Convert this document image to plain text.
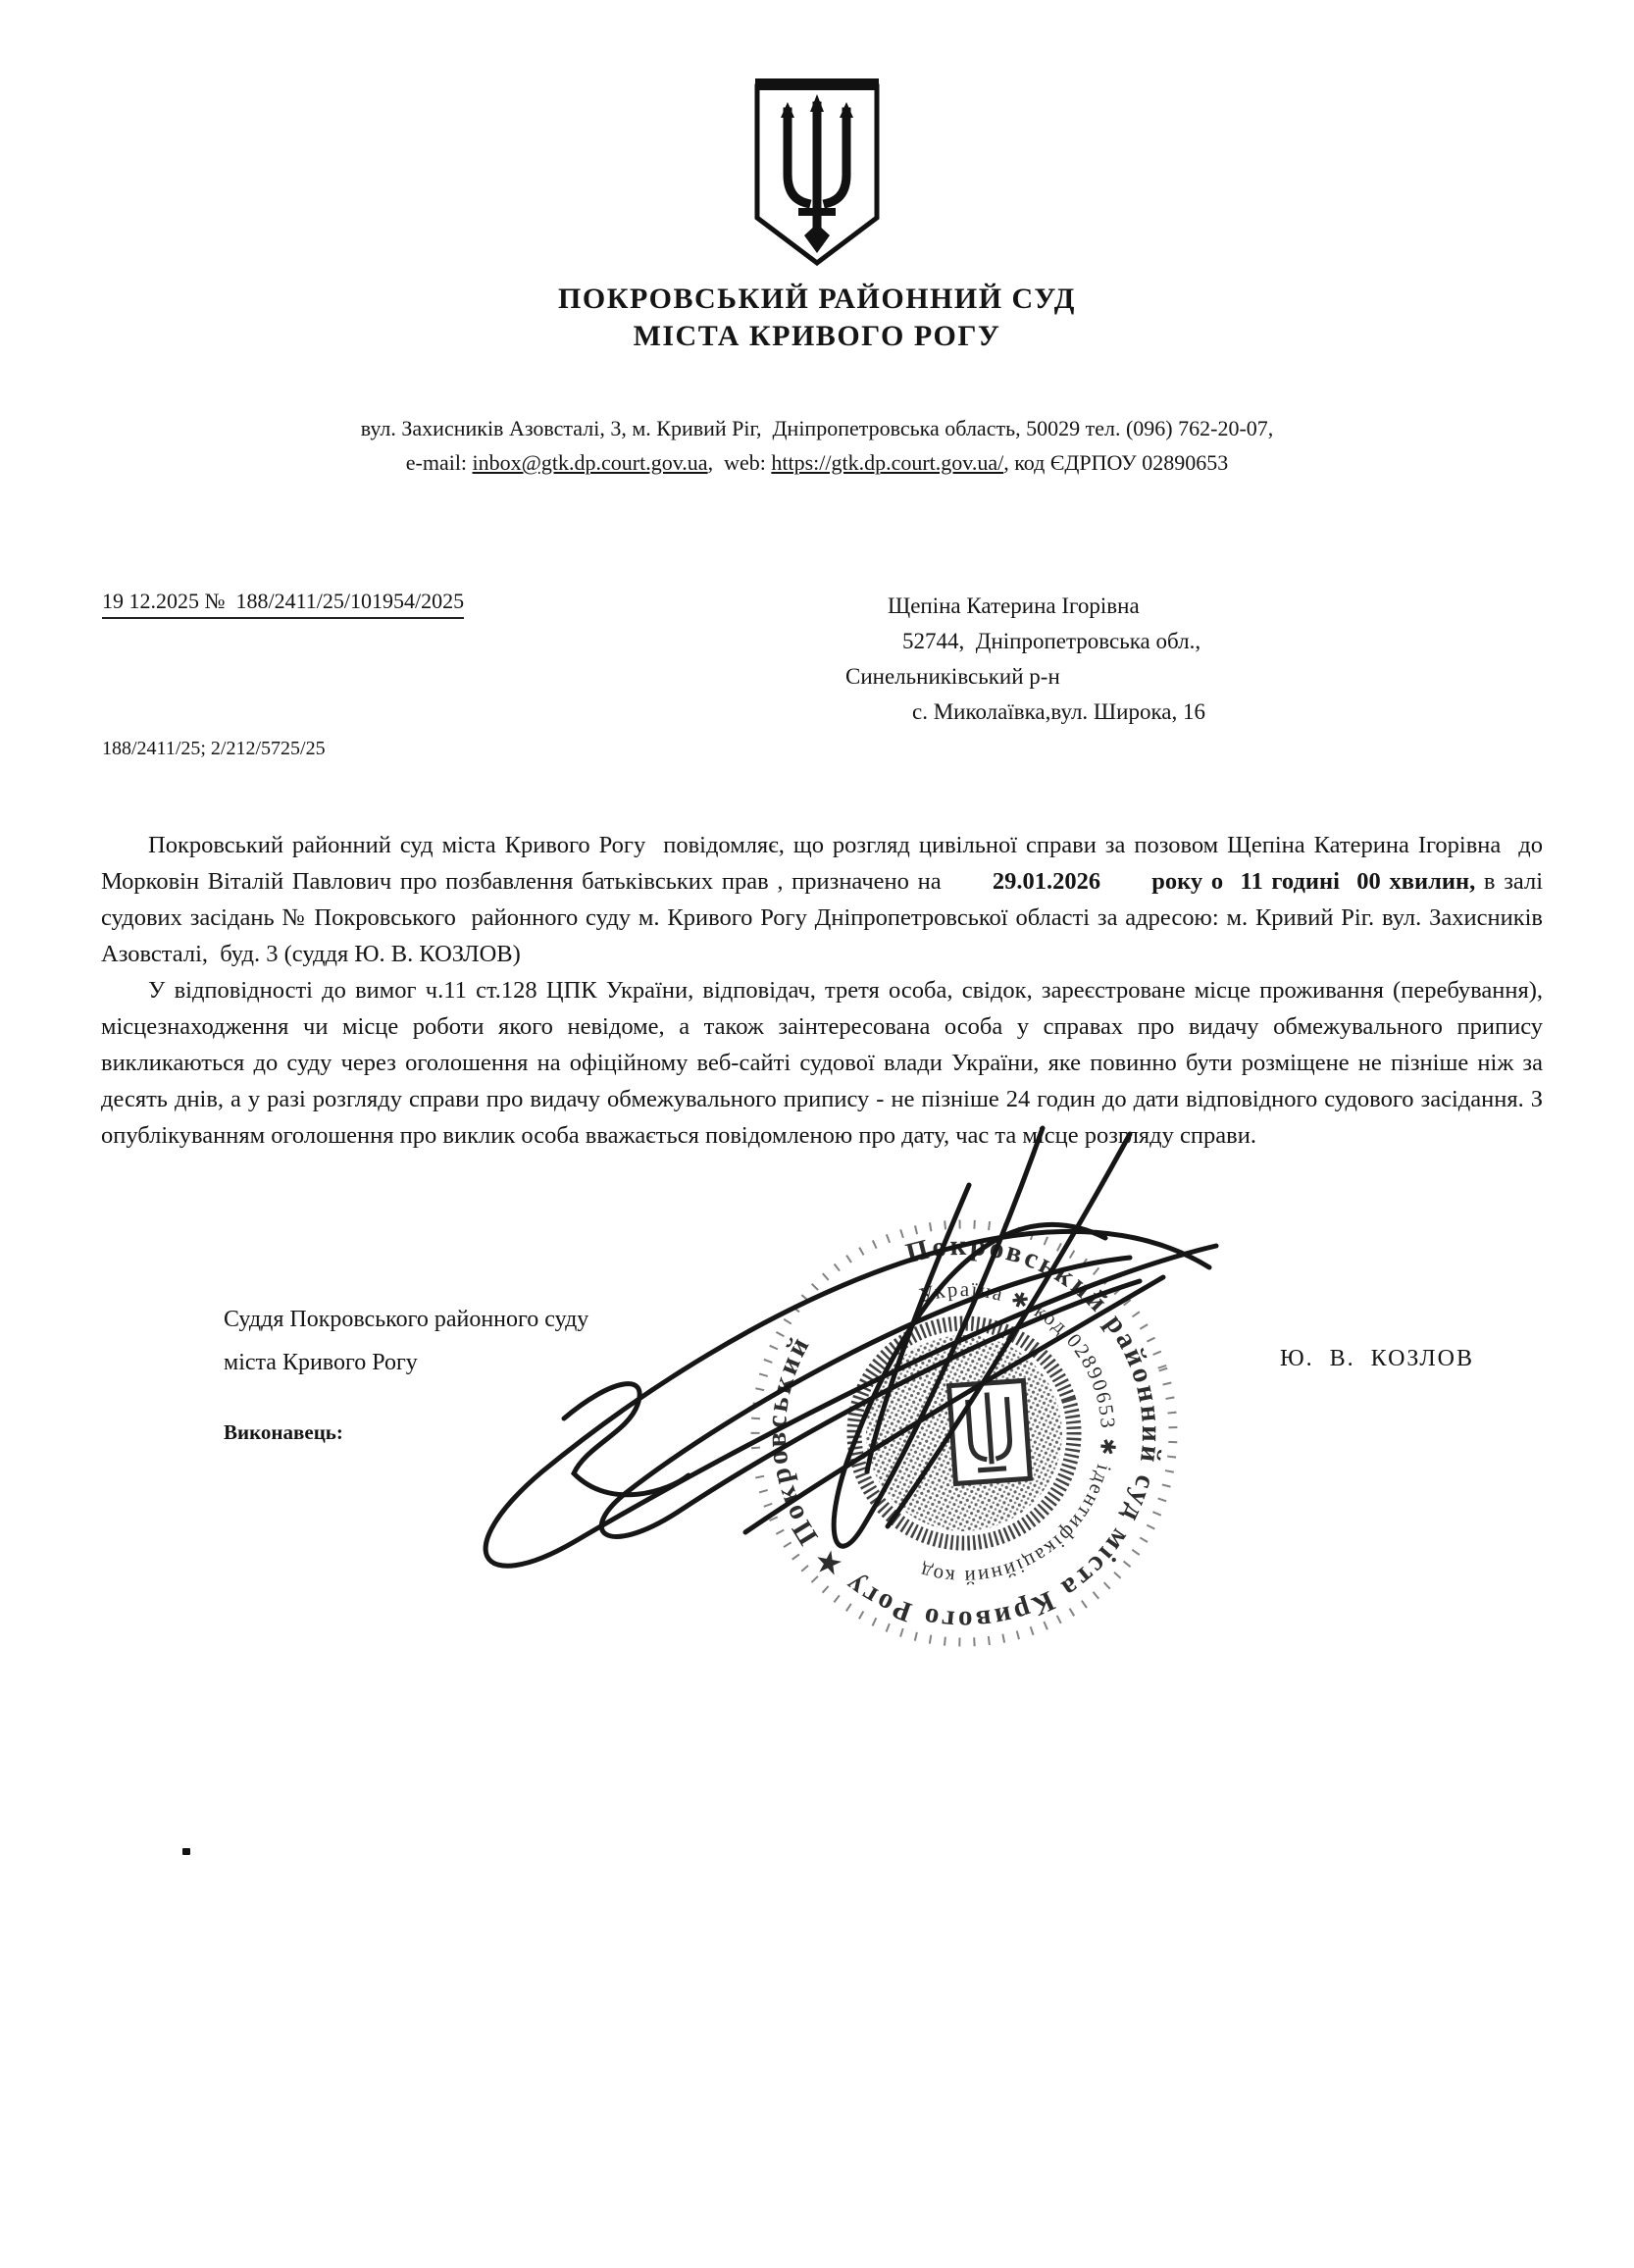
ПОКРОВСЬКИЙ РАЙОННИЙ СУД
МІСТА КРИВОГО РОГУ
вул. Захисників Азовсталі, 3, м. Кривий Ріг,  Дніпропетровська область, 50029 тел. (096) 762-20-07,
e-mail: inbox@gtk.dp.court.gov.ua,  web: https://gtk.dp.court.gov.ua/, код ЄДРПОУ 02890653
19 12.2025 №  188/2411/25/101954/2025	Щепіна Катерина Ігорівна
52744,  Дніпропетровська обл.,
Синельниківський р-н
с. Миколаївка,вул. Широка, 16
188/2411/25; 2/212/5725/25

Покровський районний суд міста Кривого Рогу  повідомляє, що розгляд цивільної справи за позовом Щепіна Катерина Ігорівна  до Морковін Віталій Павлович про позбавлення батьківських прав , призначено на      29.01.2026      року о  11 годині  00 хвилин, в залі судових засідань № Покровського  районного суду м. Кривого Рогу Дніпропетровської області за адресою: м. Кривий Ріг. вул. Захисників Азовсталі,  буд. 3 (суддя Ю. В. КОЗЛОВ)

У відповідності до вимог ч.11 ст.128 ЦПК України, відповідач, третя особа, свідок, зареєстроване місце проживання (перебування), місцезнаходження чи місце роботи якого невідоме, а також заінтересована особа у справах про видачу обмежувального припису викликаються до суду через оголошення на офіційному веб-сайті судової влади України, яке повинно бути розміщене не пізніше ніж за десять днів, а у разі розгляду справи про видачу обмежувального припису - не пізніше 24 годин до дати відповідного судового засідання. З опублікуванням оголошення про виклик особа вважається повідомленою про дату, час та місце розгляду справи.

Суддя Покровського районного суду
міста Кривого Рогу	Ю.  В.  КОЗЛОВ
Виконавець:
Покровський районний суд міста Кривого Рогу ★ Покровський
Україна ✱ код 02890653 ✱ ідентифікаційний код
